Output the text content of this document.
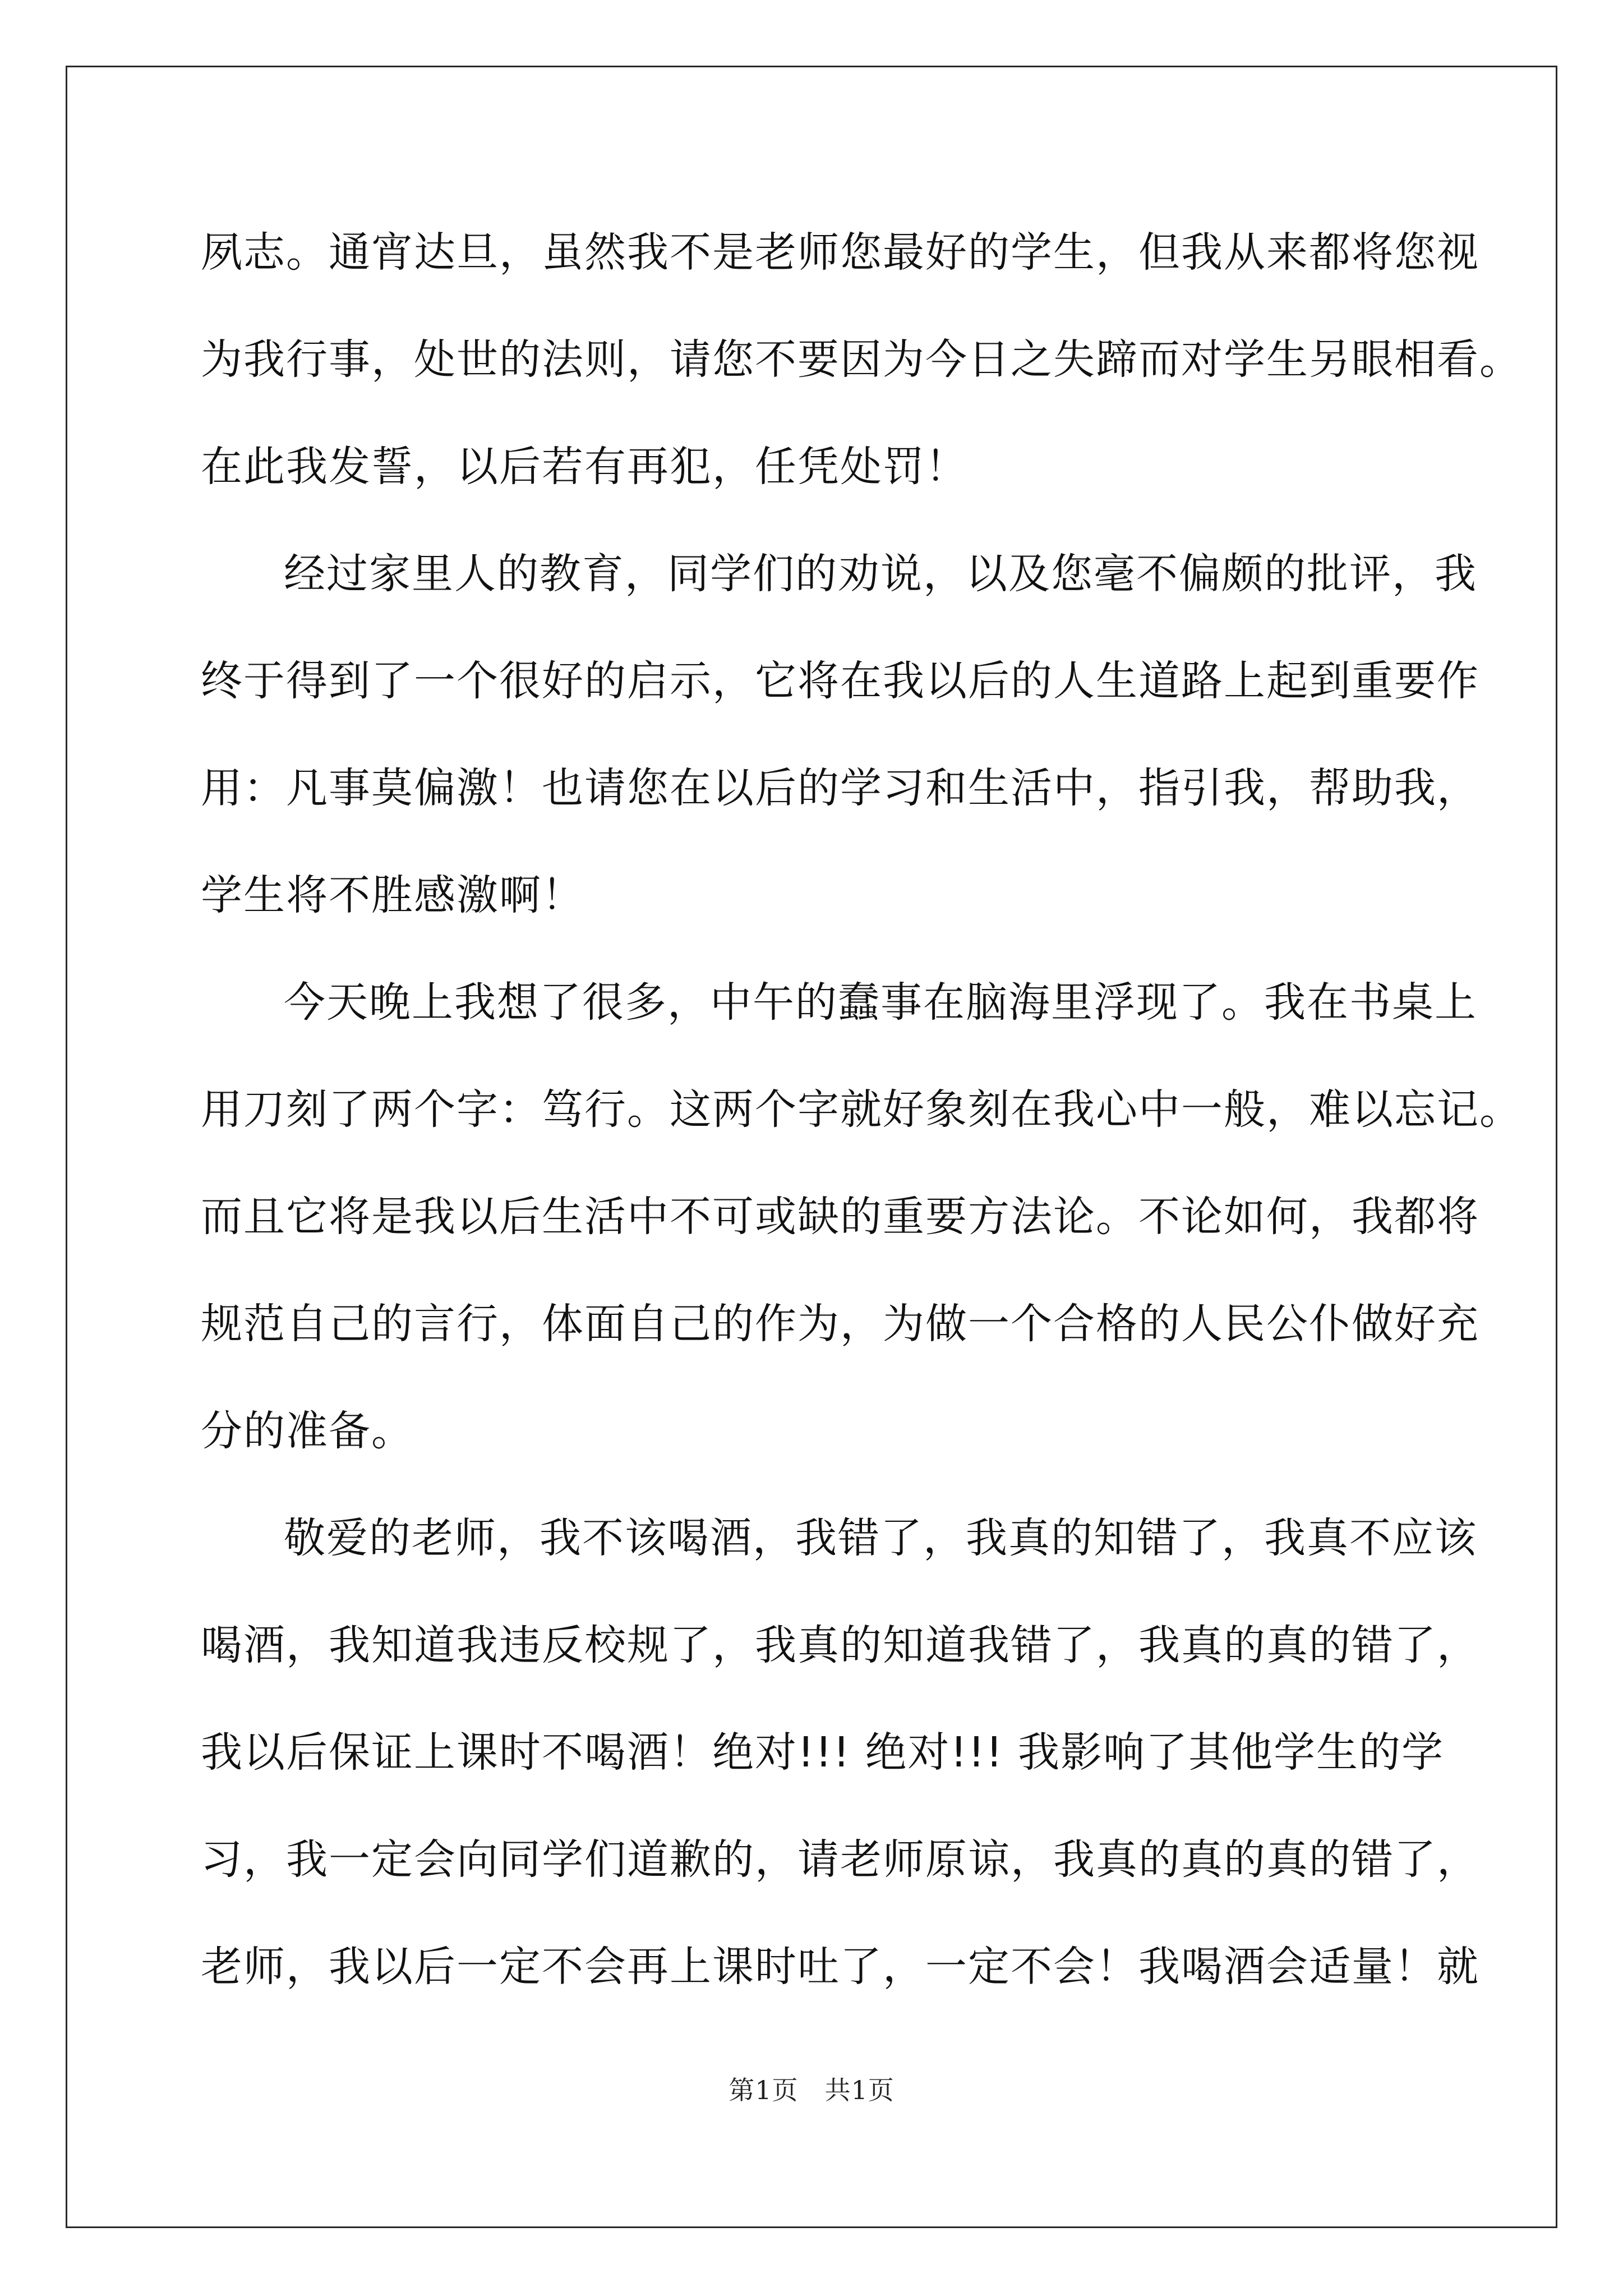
夙志。通宵达旦，虽然我不是老师您最好的学生，但我从来都将您视
为我行事，处世的法则，请您不要因为今日之失蹄而对学生另眼相看。
在此我发誓，以后若有再犯，任凭处罚！
经过家里人的教育，同学们的劝说，以及您毫不偏颇的批评，我
终于得到了一个很好的启示，它将在我以后的人生道路上起到重要作
用：凡事莫偏激！也请您在以后的学习和生活中，指引我，帮助我，
学生将不胜感激啊！
今天晚上我想了很多，中午的蠢事在脑海里浮现了。我在书桌上
用刀刻了两个字：笃行。这两个字就好象刻在我心中一般，难以忘记。
而且它将是我以后生活中不可或缺的重要方法论。不论如何，我都将
规范自己的言行，体面自己的作为，为做一个合格的人民公仆做好充
分的准备。
敬爱的老师，我不该喝酒，我错了，我真的知错了，我真不应该
喝酒，我知道我违反校规了，我真的知道我错了，我真的真的错了，
我以后保证上课时不喝酒！绝对!!! 绝对!!! 我影响了其他学生的学
习，我一定会向同学们道歉的，请老师原谅，我真的真的真的错了，
老师，我以后一定不会再上课时吐了，一定不会！我喝酒会适量！就
第1页　共1页
